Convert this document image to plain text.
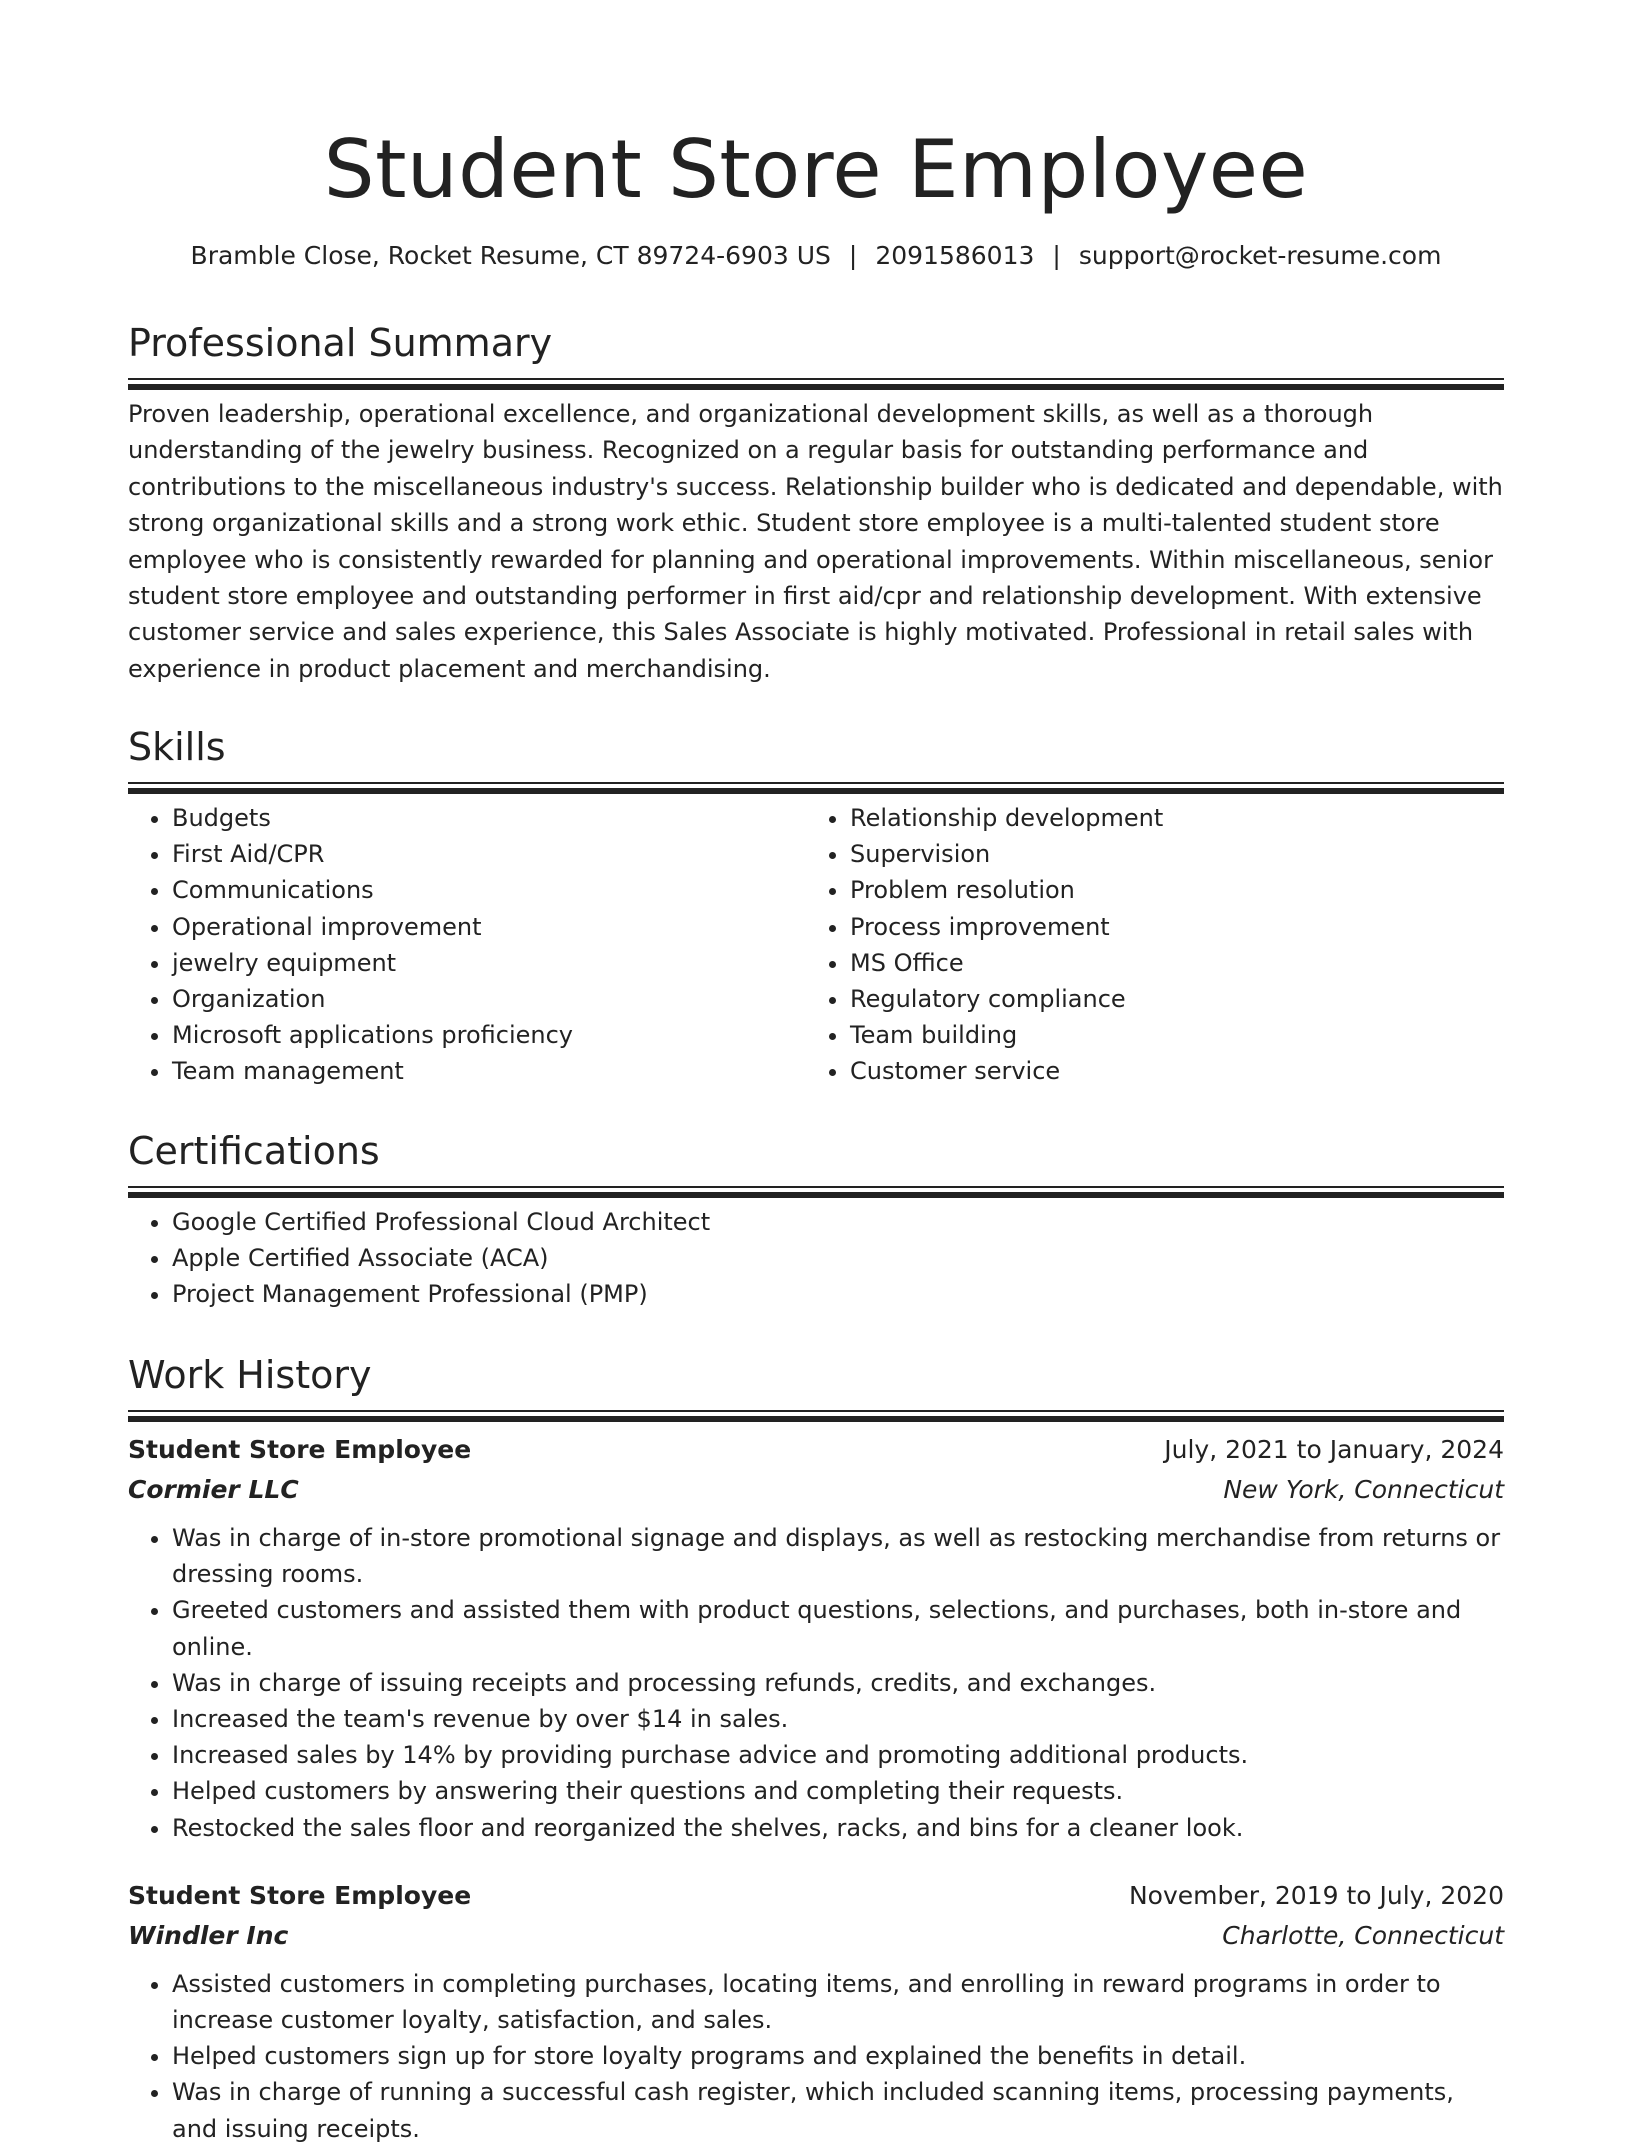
Student Store Employee
Bramble Close, Rocket Resume, CT 89724-6903 US | 2091586013 | support@rocket-resume.com
Professional Summary

Proven leadership, operational excellence, and organizational development skills, as well as a thorough understanding of the jewelry business. Recognized on a regular basis for outstanding performance and contributions to the miscellaneous industry's success. Relationship builder who is dedicated and dependable, with strong organizational skills and a strong work ethic. Student store employee is a multi-talented student store employee who is consistently rewarded for planning and operational improvements. Within miscellaneous, senior student store employee and outstanding performer in first aid/cpr and relationship development. With extensive customer service and sales experience, this Sales Associate is highly motivated. Professional in retail sales with experience in product placement and merchandising.

Skills
• Budgets
• First Aid/CPR
• Communications
• Operational improvement
• jewelry equipment
• Organization
• Microsoft applications proficiency
• Team management
• Relationship development
• Supervision
• Problem resolution
• Process improvement
• MS Office
• Regulatory compliance
• Team building
• Customer service
Certifications
• Google Certified Professional Cloud Architect
• Apple Certified Associate (ACA)
• Project Management Professional (PMP)
Work History
Student Store Employee	July, 2021 to January, 2024
Cormier LLC	New York, Connecticut
• Was in charge of in-store promotional signage and displays, as well as restocking merchandise from returns or dressing rooms.
• Greeted customers and assisted them with product questions, selections, and purchases, both in-store and online.
• Was in charge of issuing receipts and processing refunds, credits, and exchanges.
• Increased the team's revenue by over $14 in sales.
• Increased sales by 14% by providing purchase advice and promoting additional products.
• Helped customers by answering their questions and completing their requests.
• Restocked the sales floor and reorganized the shelves, racks, and bins for a cleaner look.
Student Store Employee	November, 2019 to July, 2020
Windler Inc	Charlotte, Connecticut
• Assisted customers in completing purchases, locating items, and enrolling in reward programs in order to increase customer loyalty, satisfaction, and sales.
• Helped customers sign up for store loyalty programs and explained the benefits in detail.
• Was in charge of running a successful cash register, which included scanning items, processing payments, and issuing receipts.
